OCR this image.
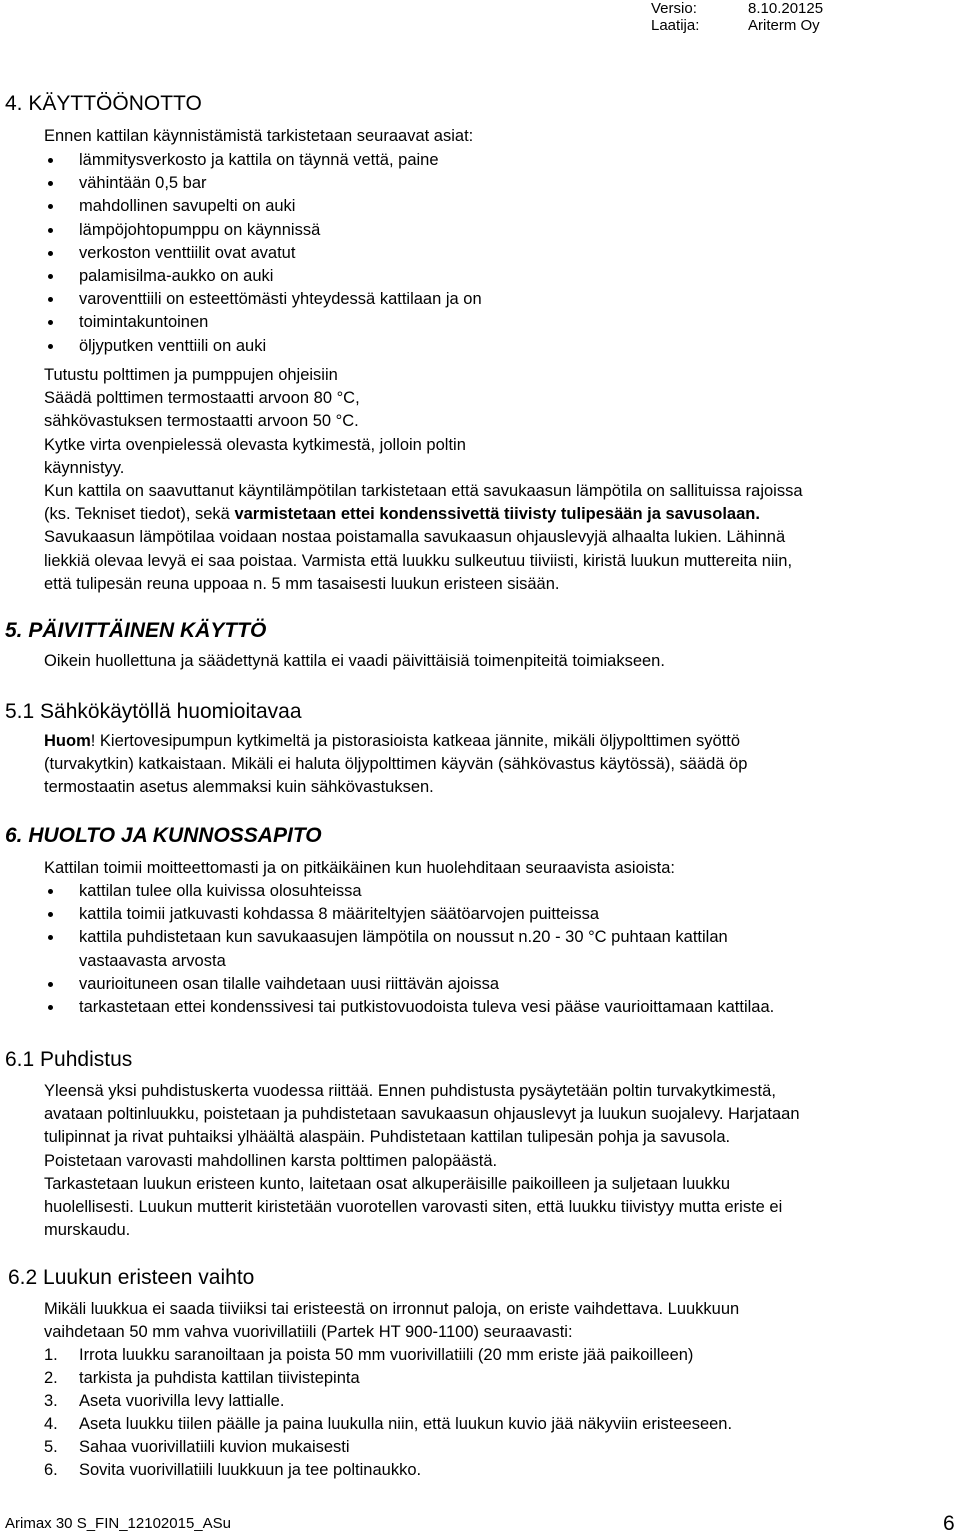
Versio:	8.10.20125
Laatija:	Ariterm Oy
4. KÄYTTÖÖNOTTO

Ennen kattilan käynnistämistä tarkistetaan seuraavat asiat:

lämmitysverkosto ja kattila on täynnä vettä, paine
vähintään 0,5 bar
mahdollinen savupelti on auki
lämpöjohtopumppu on käynnissä
verkoston venttiilit ovat avatut
palamisilma-aukko on auki
varoventtiili on esteettömästi yhteydessä kattilaan ja on
toimintakuntoinen
öljyputken venttiili on auki

Tutustu polttimen ja pumppujen ohjeisiin

Säädä polttimen termostaatti arvoon 80 °C,

sähkövastuksen termostaatti arvoon 50 °C.

Kytke virta ovenpielessä olevasta kytkimestä, jolloin poltin

käynnistyy.

Kun kattila on saavuttanut käyntilämpötilan tarkistetaan että savukaasun lämpötila on sallituissa rajoissa

(ks. Tekniset tiedot), sekä varmistetaan ettei kondenssivettä tiivisty tulipesään ja savusolaan.

Savukaasun lämpötilaa voidaan nostaa poistamalla savukaasun ohjauslevyjä alhaalta lukien. Lähinnä

liekkiä olevaa levyä ei saa poistaa. Varmista että luukku sulkeutuu tiiviisti, kiristä luukun muttereita niin,

että tulipesän reuna uppoaa n. 5 mm tasaisesti luukun eristeen sisään.

5. PÄIVITTÄINEN KÄYTTÖ

Oikein huollettuna ja säädettynä kattila ei vaadi päivittäisiä toimenpiteitä toimiakseen.

5.1 Sähkökäytöllä huomioitavaa

Huom! Kiertovesipumpun kytkimeltä ja pistorasioista katkeaa jännite, mikäli öljypolttimen syöttö

(turvakytkin) katkaistaan. Mikäli ei haluta öljypolttimen käyvän (sähkövastus käytössä), säädä öp

termostaatin asetus alemmaksi kuin sähkövastuksen.

6. HUOLTO JA KUNNOSSAPITO

Kattilan toimii moitteettomasti ja on pitkäikäinen kun huolehditaan seuraavista asioista:

kattilan tulee olla kuivissa olosuhteissa
kattila toimii jatkuvasti kohdassa 8 määriteltyjen säätöarvojen puitteissa
kattila puhdistetaan kun savukaasujen lämpötila on noussut n.20 - 30 °C puhtaan kattilan
vastaavasta arvosta
vaurioituneen osan tilalle vaihdetaan uusi riittävän ajoissa
tarkastetaan ettei kondenssivesi tai putkistovuodoista tuleva vesi pääse vaurioittamaan kattilaa.
6.1 Puhdistus

Yleensä yksi puhdistuskerta vuodessa riittää. Ennen puhdistusta pysäytetään poltin turvakytkimestä,

avataan poltinluukku, poistetaan ja puhdistetaan savukaasun ohjauslevyt ja luukun suojalevy. Harjataan

tulipinnat ja rivat puhtaiksi ylhäältä alaspäin. Puhdistetaan kattilan tulipesän pohja ja savusola.

Poistetaan varovasti mahdollinen karsta polttimen palopäästä.

Tarkastetaan luukun eristeen kunto, laitetaan osat alkuperäisille paikoilleen ja suljetaan luukku

huolellisesti. Luukun mutterit kiristetään vuorotellen varovasti siten, että luukku tiivistyy mutta eriste ei

murskaudu.

6.2 Luukun eristeen vaihto

Mikäli luukkua ei saada tiiviiksi tai eristeestä on irronnut paloja, on eriste vaihdettava. Luukkuun

vaihdetaan 50 mm vahva vuorivillatiili (Partek HT 900-1100) seuraavasti:

1. Irrota luukku saranoiltaan ja poista 50 mm vuorivillatiili (20 mm eriste jää paikoilleen)
2. tarkista ja puhdista kattilan tiivistepinta
3. Aseta vuorivilla levy lattialle.
4. Aseta luukku tiilen päälle ja paina luukulla niin, että luukun kuvio jää näkyviin eristeeseen.
5. Sahaa vuorivillatiili kuvion mukaisesti
6. Sovita vuorivillatiili luukkuun ja tee poltinaukko.
Arimax 30 S_FIN_12102015_ASu	6
